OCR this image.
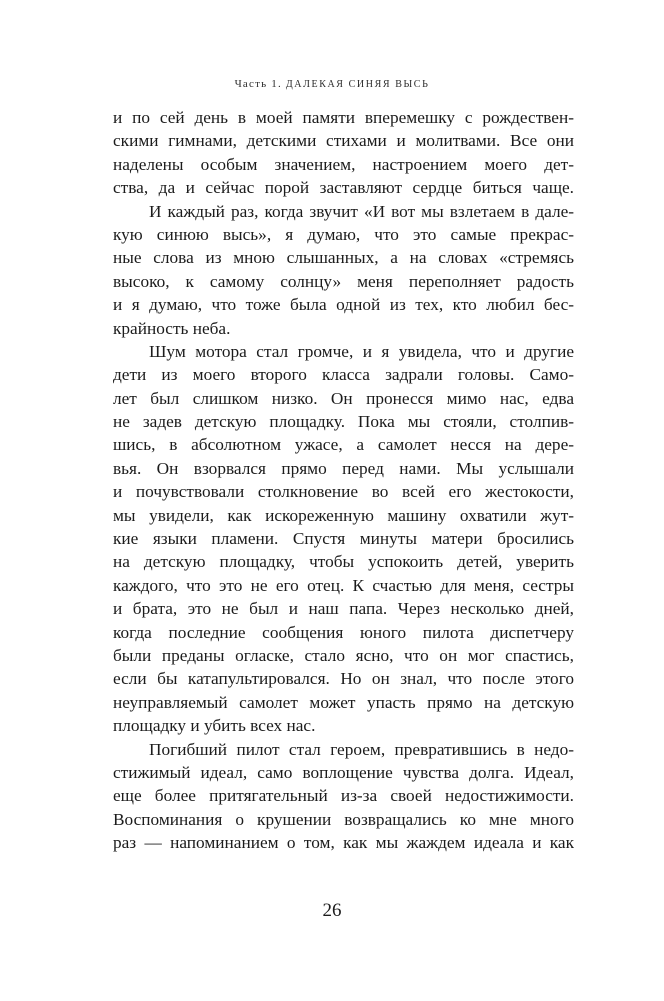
Часть 1. ДАЛЕКАЯ СИНЯЯ ВЫСЬ
и по сей день в моей памяти вперемешку с рождествен-
скими гимнами, детскими стихами и молитвами. Все они
наделены особым значением, настроением моего дет-
ства, да и сейчас порой заставляют сердце биться чаще.
И каждый раз, когда звучит «И вот мы взлетаем в дале-
кую синюю высь», я думаю, что это самые прекрас-
ные слова из мною слышанных, а на словах «стремясь
высоко, к самому солнцу» меня переполняет радость
и я думаю, что тоже была одной из тех, кто любил бес-
крайность неба.
Шум мотора стал громче, и я увидела, что и другие
дети из моего второго класса задрали головы. Само-
лет был слишком низко. Он пронесся мимо нас, едва
не задев детскую площадку. Пока мы стояли, столпив-
шись, в абсолютном ужасе, а самолет несся на дере-
вья. Он взорвался прямо перед нами. Мы услышали
и почувствовали столкновение во всей его жестокости,
мы увидели, как искореженную машину охватили жут-
кие языки пламени. Спустя минуты матери бросились
на детскую площадку, чтобы успокоить детей, уверить
каждого, что это не его отец. К счастью для меня, сестры
и брата, это не был и наш папа. Через несколько дней,
когда последние сообщения юного пилота диспетчеру
были преданы огласке, стало ясно, что он мог спастись,
если бы катапультировался. Но он знал, что после этого
неуправляемый самолет может упасть прямо на детскую
площадку и убить всех нас.
Погибший пилот стал героем, превратившись в недо-
стижимый идеал, само воплощение чувства долга. Идеал,
еще более притягательный из-за своей недостижимости.
Воспоминания о крушении возвращались ко мне много
раз — напоминанием о том, как мы жаждем идеала и как
26
